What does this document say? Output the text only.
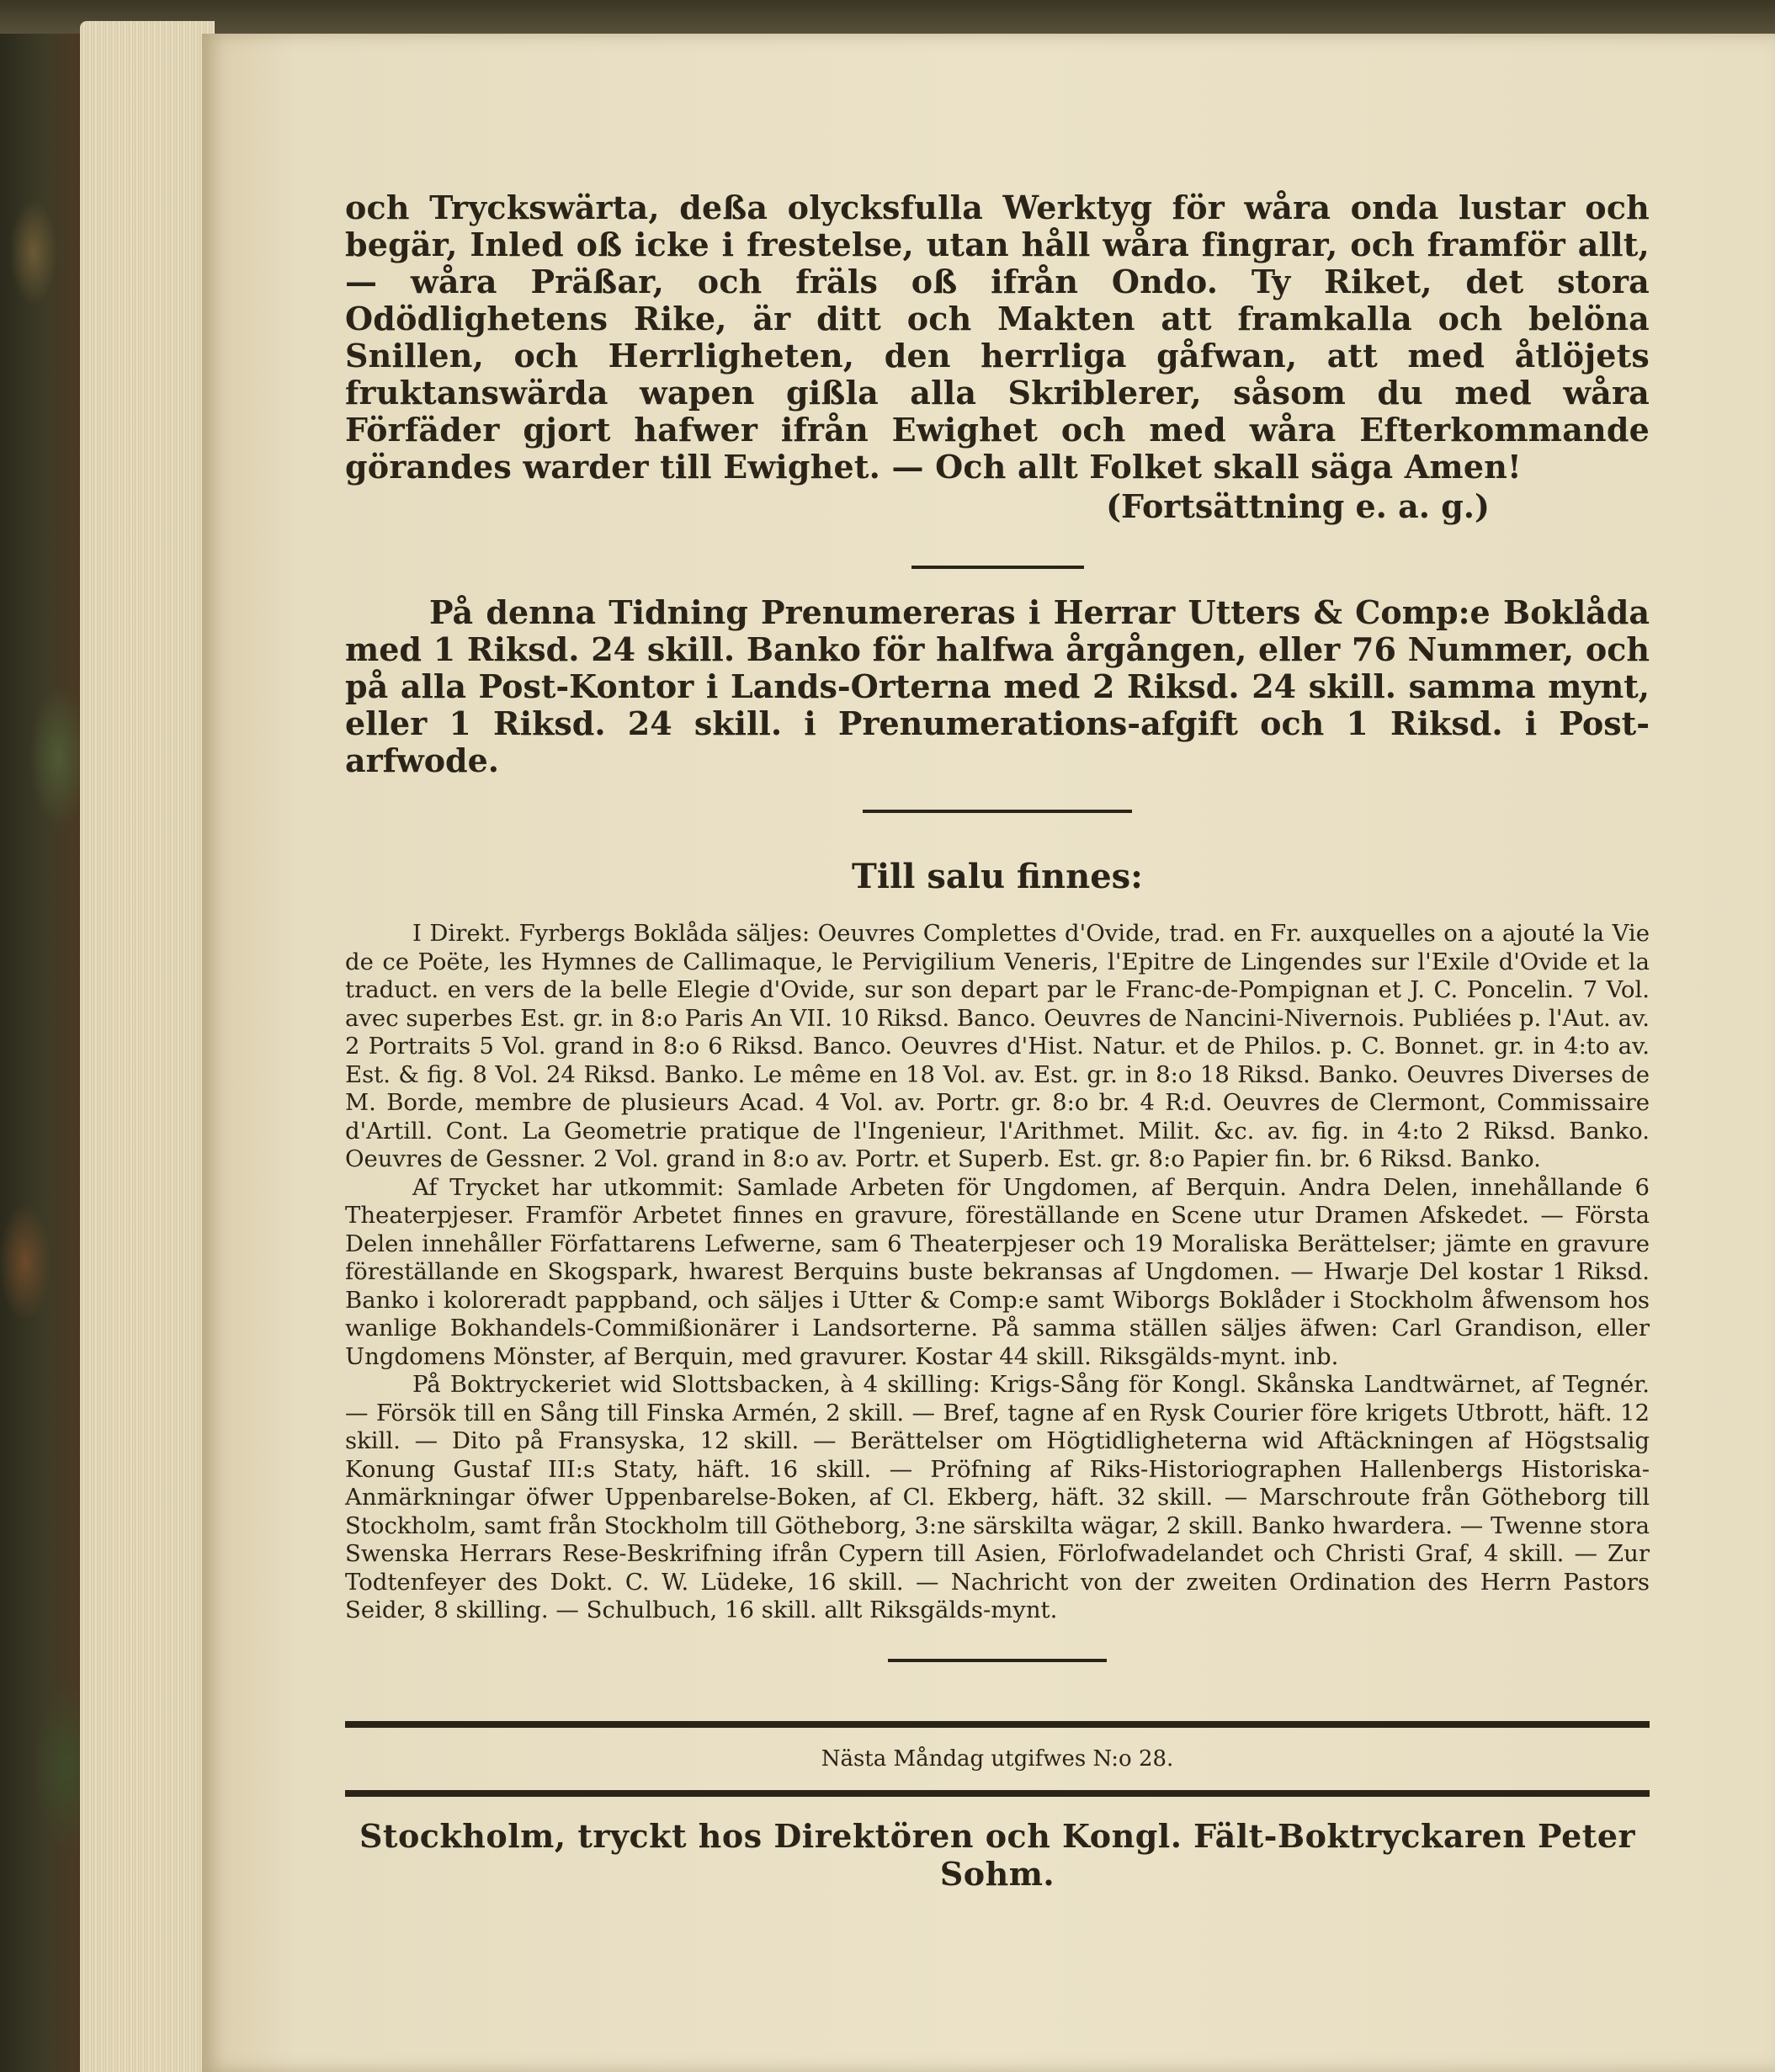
och Tryckswärta, deßa olycksfulla Werktyg för wåra onda lustar och begär, Inled oß icke i frestelse, utan håll wåra fingrar, och framför allt, — wåra Präßar, och fräls oß ifrån Ondo. Ty Riket, det stora Odödlighetens Rike, är ditt och Makten att framkalla och belöna Snillen, och Herrligheten, den herrliga gåfwan, att med åtlöjets fruktanswärda wapen gißla alla Skriblerer, såsom du med wåra Förfäder gjort hafwer ifrån Ewighet och med wåra Efterkommande görandes warder till Ewighet. — Och allt Folket skall säga Amen!

(Fortsättning e. a. g.)

På denna Tidning Prenumereras i Herrar Utters & Comp:e Boklåda med 1 Riksd. 24 skill. Banko för halfwa årgången, eller 76 Nummer, och på alla Post-Kontor i Lands-Orterna med 2 Riksd. 24 skill. samma mynt, eller 1 Riksd. 24 skill. i Prenumerations-afgift och 1 Riksd. i Post-arfwode.

Till salu finnes:

I Direkt. Fyrbergs Boklåda säljes: Oeuvres Complettes d'Ovide, trad. en Fr. auxquelles on a ajouté la Vie de ce Poëte, les Hymnes de Callimaque, le Pervigilium Veneris, l'Epitre de Lingendes sur l'Exile d'Ovide et la traduct. en vers de la belle Elegie d'Ovide, sur son depart par le Franc-de-Pompignan et J. C. Poncelin. 7 Vol. avec superbes Est. gr. in 8:o Paris An VII. 10 Riksd. Banco. Oeuvres de Nancini-Nivernois. Publiées p. l'Aut. av. 2 Portraits 5 Vol. grand in 8:o 6 Riksd. Banco. Oeuvres d'Hist. Natur. et de Philos. p. C. Bonnet. gr. in 4:to av. Est. & fig. 8 Vol. 24 Riksd. Banko. Le même en 18 Vol. av. Est. gr. in 8:o 18 Riksd. Banko. Oeuvres Diverses de M. Borde, membre de plusieurs Acad. 4 Vol. av. Portr. gr. 8:o br. 4 R:d. Oeuvres de Clermont, Commissaire d'Artill. Cont. La Geometrie pratique de l'Ingenieur, l'Arithmet. Milit. &c. av. fig. in 4:to 2 Riksd. Banko. Oeuvres de Gessner. 2 Vol. grand in 8:o av. Portr. et Superb. Est. gr. 8:o Papier fin. br. 6 Riksd. Banko.

Af Trycket har utkommit: Samlade Arbeten för Ungdomen, af Berquin. Andra Delen, innehållande 6 Theaterpjeser. Framför Arbetet finnes en gravure, föreställande en Scene utur Dramen Afskedet. — Första Delen innehåller Författarens Lefwerne, sam 6 Theaterpjeser och 19 Moraliska Berättelser; jämte en gravure föreställande en Skogspark, hwarest Berquins buste bekransas af Ungdomen. — Hwarje Del kostar 1 Riksd. Banko i koloreradt pappband, och säljes i Utter & Comp:e samt Wiborgs Boklåder i Stockholm åfwensom hos wanlige Bokhandels-Commißionärer i Landsorterne. På samma ställen säljes äfwen: Carl Grandison, eller Ungdomens Mönster, af Berquin, med gravurer. Kostar 44 skill. Riksgälds-mynt. inb.

På Boktryckeriet wid Slottsbacken, à 4 skilling: Krigs-Sång för Kongl. Skånska Landtwärnet, af Tegnér. — Försök till en Sång till Finska Armén, 2 skill. — Bref, tagne af en Rysk Courier före krigets Utbrott, häft. 12 skill. — Dito på Fransyska, 12 skill. — Berättelser om Högtidligheterna wid Aftäckningen af Högstsalig Konung Gustaf III:s Staty, häft. 16 skill. — Pröfning af Riks-Historiographen Hallenbergs Historiska-Anmärkningar öfwer Uppenbarelse-Boken, af Cl. Ekberg, häft. 32 skill. — Marschroute från Götheborg till Stockholm, samt från Stockholm till Götheborg, 3:ne särskilta wägar, 2 skill. Banko hwardera. — Twenne stora Swenska Herrars Rese-Beskrifning ifrån Cypern till Asien, Förlofwadelandet och Christi Graf, 4 skill. — Zur Todtenfeyer des Dokt. C. W. Lüdeke, 16 skill. — Nachricht von der zweiten Ordination des Herrn Pastors Seider, 8 skilling. — Schulbuch, 16 skill. allt Riksgälds-mynt.

Nästa Måndag utgifwes N:o 28.
Stockholm, tryckt hos Direktören och Kongl. Fält-Boktryckaren Peter Sohm.
